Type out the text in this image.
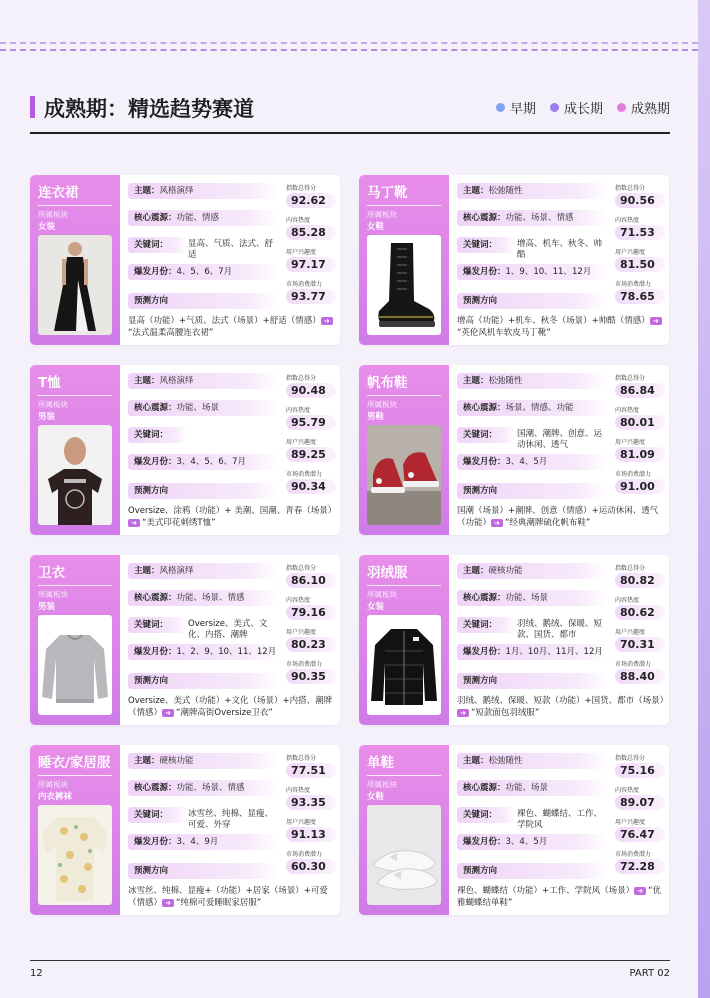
成熟期：精选趋势赛道	早期 成长期 成熟期
连衣裙
所属板块
女装
主题：风格演绎
核心震源：功能、情感
关键词：	显高、气质、法式、舒适
爆发月份：4、5、6、7月
预测方向
显高（功能）+气质、法式（场景）+舒适（情感） ➜“法式温柔高腰连衣裙”
指数总得分
92.62
内容热度
85.28
用户兴趣度
97.17
市场消费潜力
93.77
马丁靴
所属板块
女鞋
主题：松弛随性
核心震源：功能、场景、情感
关键词：	增高、机车、秋冬、帅酷
爆发月份：1、9、10、11、12月
预测方向
增高（功能）+机车、秋冬（场景）+帅酷（情感） ➜“英伦风机车软皮马丁靴”
指数总得分
90.56
内容热度
71.53
用户兴趣度
81.50
市场消费潜力
78.65
T恤
所属板块
男装
主题：风格演绎
核心震源：功能、场景
关键词：
爆发月份：3、4、5、6、7月
预测方向
Oversize、涂鸦（功能）+ 美潮、国潮、青春（场景）➜ “美式印花刺绣T恤”
指数总得分
90.48
内容热度
95.79
用户兴趣度
89.25
市场消费潜力
90.34
帆布鞋
所属板块
男鞋
主题：松弛随性
核心震源：场景、情感、功能
关键词：	国潮、潮牌、创意、运动休闲、透气
爆发月份：3、4、5月
预测方向
国潮（场景）+潮牌、创意（情感）+运动休闲、透气（功能） ➜ “经典潮牌硫化帆布鞋”
指数总得分
86.84
内容热度
80.01
用户兴趣度
81.09
市场消费潜力
91.00
卫衣
所属板块
男装
主题：风格演绎
核心震源：功能、场景、情感
关键词：	Oversize、美式、文化、内搭、潮牌
爆发月份：1、2、9、10、11、12月
预测方向
Oversize、美式（功能）+文化（场景）+内搭、潮牌（情感） ➜ “潮牌高街Oversize卫衣”
指数总得分
86.10
内容热度
79.16
用户兴趣度
80.23
市场消费潜力
90.35
羽绒服
所属板块
女装
主题：硬核功能
核心震源：功能、场景
关键词：	羽绒、鹅绒、保暖、短款、国货、都市
爆发月份：1月、10月、11月、12月
预测方向
羽绒、鹅绒、保暖、短款（功能）+国货、都市（场景）➜ “短款面包羽绒服”
指数总得分
80.82
内容热度
80.62
用户兴趣度
70.31
市场消费潜力
88.40
睡衣/家居服
所属板块
内衣裤袜
主题：硬核功能
核心震源：功能、场景、情感
关键词：	冰雪丝、纯棉、显瘦、可爱、外穿
爆发月份：3、4、9月
预测方向
冰雪丝、纯棉、显瘦+（功能）+居家（场景）+可爱（情感） ➜ “纯棉可爱睡眠家居服”
指数总得分
77.51
内容热度
93.35
用户兴趣度
91.13
市场消费潜力
60.30
单鞋
所属板块
女鞋
主题：松弛随性
核心震源：功能、场景
关键词：	裸色、蝴蝶结、工作、学院风
爆发月份：3、4、5月
预测方向
裸色、蝴蝶结（功能）+工作、学院风（场景） ➜ “优雅蝴蝶结单鞋”
指数总得分
75.16
内容热度
89.07
用户兴趣度
76.47
市场消费潜力
72.28
12	PART 02
